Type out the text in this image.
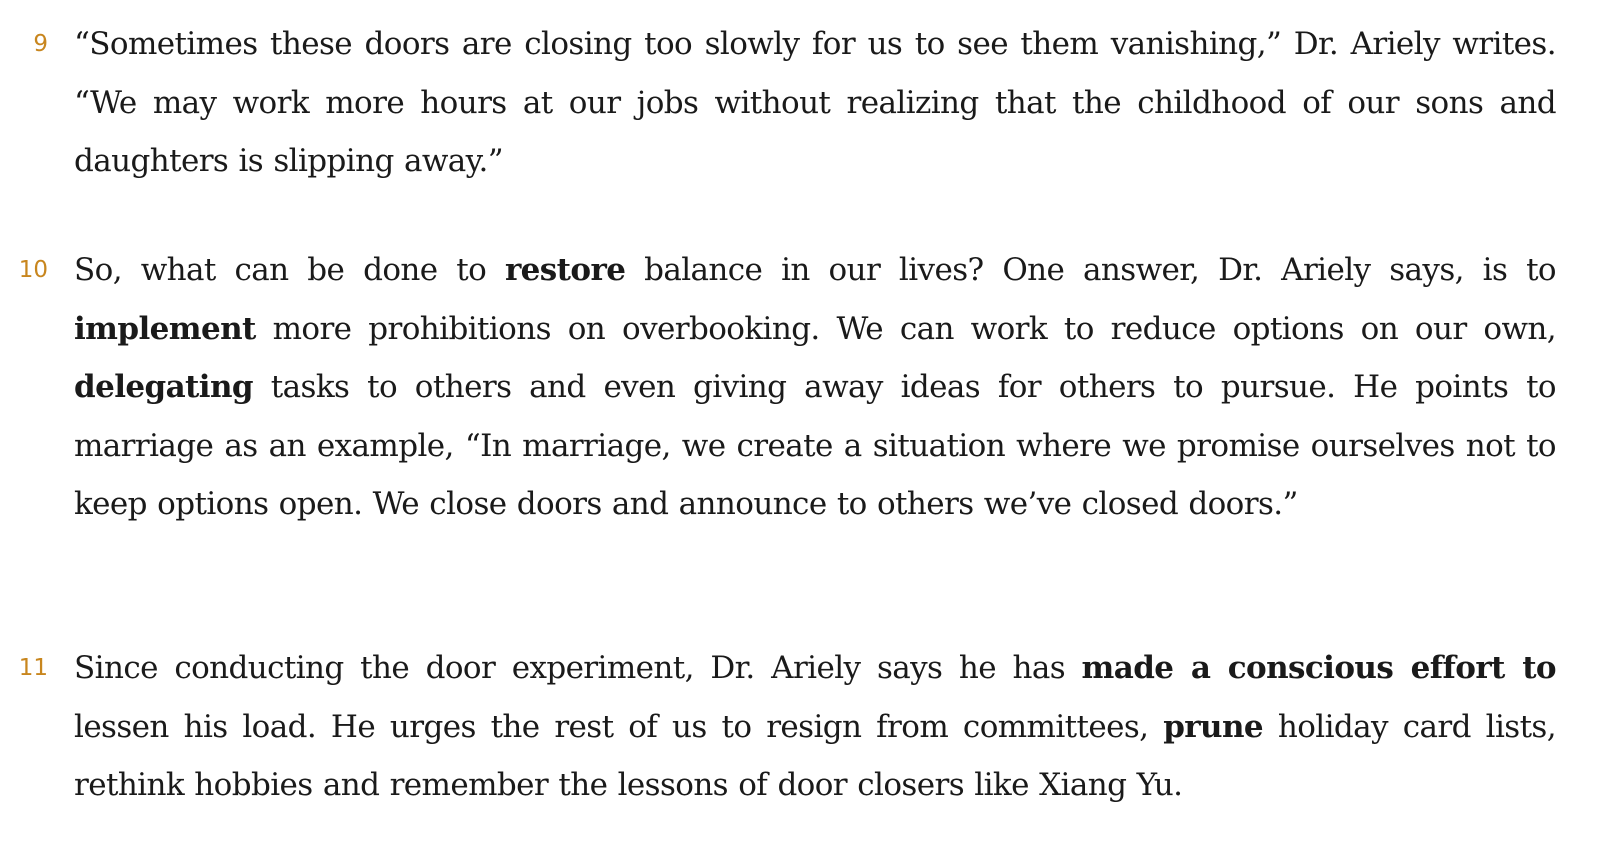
9 “Sometimes these doors are closing too slowly for us to see them vanishing,” Dr. Ariely writes. “We may work more hours at our jobs without realizing that the childhood of our sons and daughters is slipping away.”

10 So, what can be done to restore balance in our lives? One answer, Dr. Ariely says, is to implement more prohibitions on overbooking. We can work to reduce options on our own, delegating tasks to others and even giving away ideas for others to pursue. He points to marriage as an example, “In marriage, we create a situation where we promise ourselves not to keep options open. We close doors and announce to others we’ve closed doors.”

11 Since conducting the door experiment, Dr. Ariely says he has made a conscious effort to lessen his load. He urges the rest of us to resign from committees, prune holiday card lists, rethink hobbies and remember the lessons of door closers like Xiang Yu.
